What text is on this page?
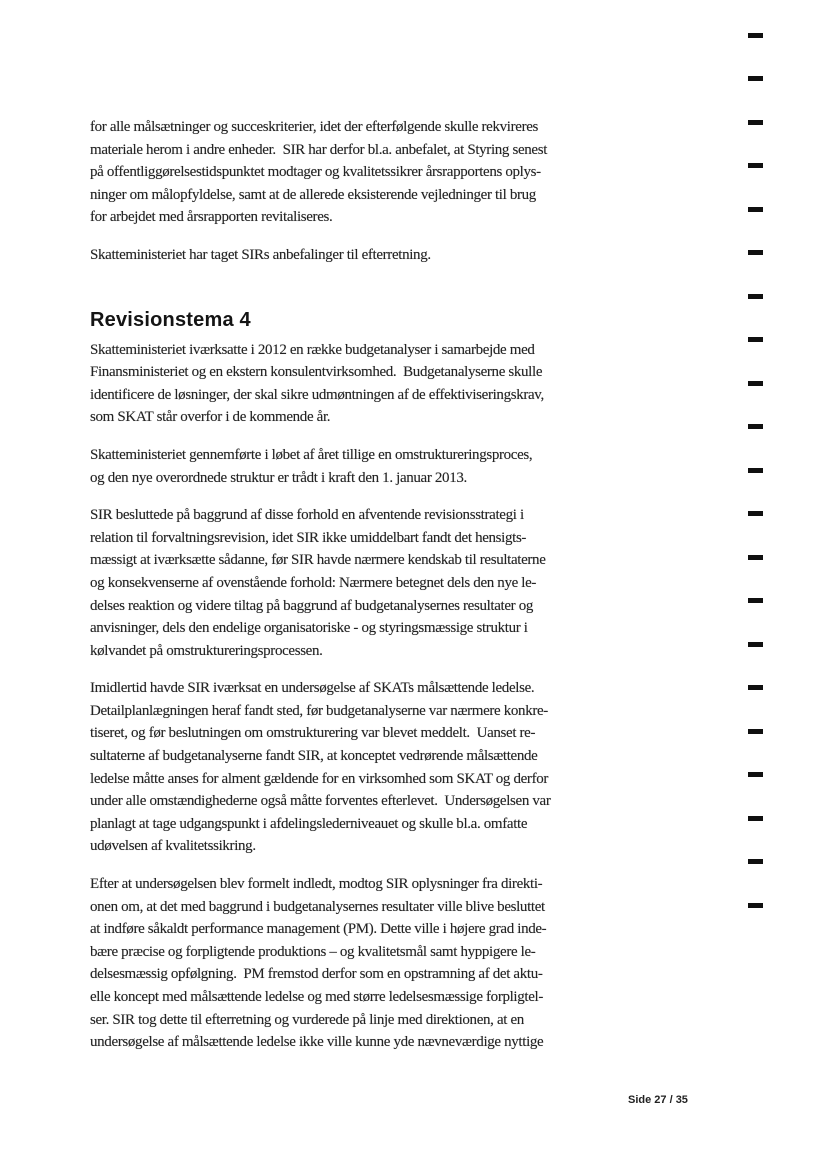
for alle målsætninger og succeskriterier, idet der efterfølgende skulle rekvireres
materiale herom i andre enheder.  SIR har derfor bl.a. anbefalet, at Styring senest
på offentliggørelsestidspunktet modtager og kvalitetssikrer årsrapportens oplys-
ninger om målopfyldelse, samt at de allerede eksisterende vejledninger til brug
for arbejdet med årsrapporten revitaliseres.
Skatteministeriet har taget SIRs anbefalinger til efterretning.
Revisionstema 4
Skatteministeriet iværksatte i 2012 en række budgetanalyser i samarbejde med
Finansministeriet og en ekstern konsulentvirksomhed.  Budgetanalyserne skulle
identificere de løsninger, der skal sikre udmøntningen af de effektiviseringskrav,
som SKAT står overfor i de kommende år.
Skatteministeriet gennemførte i løbet af året tillige en omstruktureringsproces,
og den nye overordnede struktur er trådt i kraft den 1. januar 2013.
SIR besluttede på baggrund af disse forhold en afventende revisionsstrategi i
relation til forvaltningsrevision, idet SIR ikke umiddelbart fandt det hensigts-
mæssigt at iværksætte sådanne, før SIR havde nærmere kendskab til resultaterne
og konsekvenserne af ovenstående forhold: Nærmere betegnet dels den nye le-
delses reaktion og videre tiltag på baggrund af budgetanalysernes resultater og
anvisninger, dels den endelige organisatoriske - og styringsmæssige struktur i
kølvandet på omstruktureringsprocessen.
Imidlertid havde SIR iværksat en undersøgelse af SKATs målsættende ledelse.
Detailplanlægningen heraf fandt sted, før budgetanalyserne var nærmere konkre-
tiseret, og før beslutningen om omstrukturering var blevet meddelt.  Uanset re-
sultaterne af budgetanalyserne fandt SIR, at konceptet vedrørende målsættende
ledelse måtte anses for alment gældende for en virksomhed som SKAT og derfor
under alle omstændighederne også måtte forventes efterlevet.  Undersøgelsen var
planlagt at tage udgangspunkt i afdelingslederniveauet og skulle bl.a. omfatte
udøvelsen af kvalitetssikring.
Efter at undersøgelsen blev formelt indledt, modtog SIR oplysninger fra direkti-
onen om, at det med baggrund i budgetanalysernes resultater ville blive besluttet
at indføre såkaldt performance management (PM). Dette ville i højere grad inde-
bære præcise og forpligtende produktions – og kvalitetsmål samt hyppigere le-
delsesmæssig opfølgning.  PM fremstod derfor som en opstramning af det aktu-
elle koncept med målsættende ledelse og med større ledelsesmæssige forpligtel-
ser. SIR tog dette til efterretning og vurderede på linje med direktionen, at en
undersøgelse af målsættende ledelse ikke ville kunne yde nævneværdige nyttige
Side 27 / 35
